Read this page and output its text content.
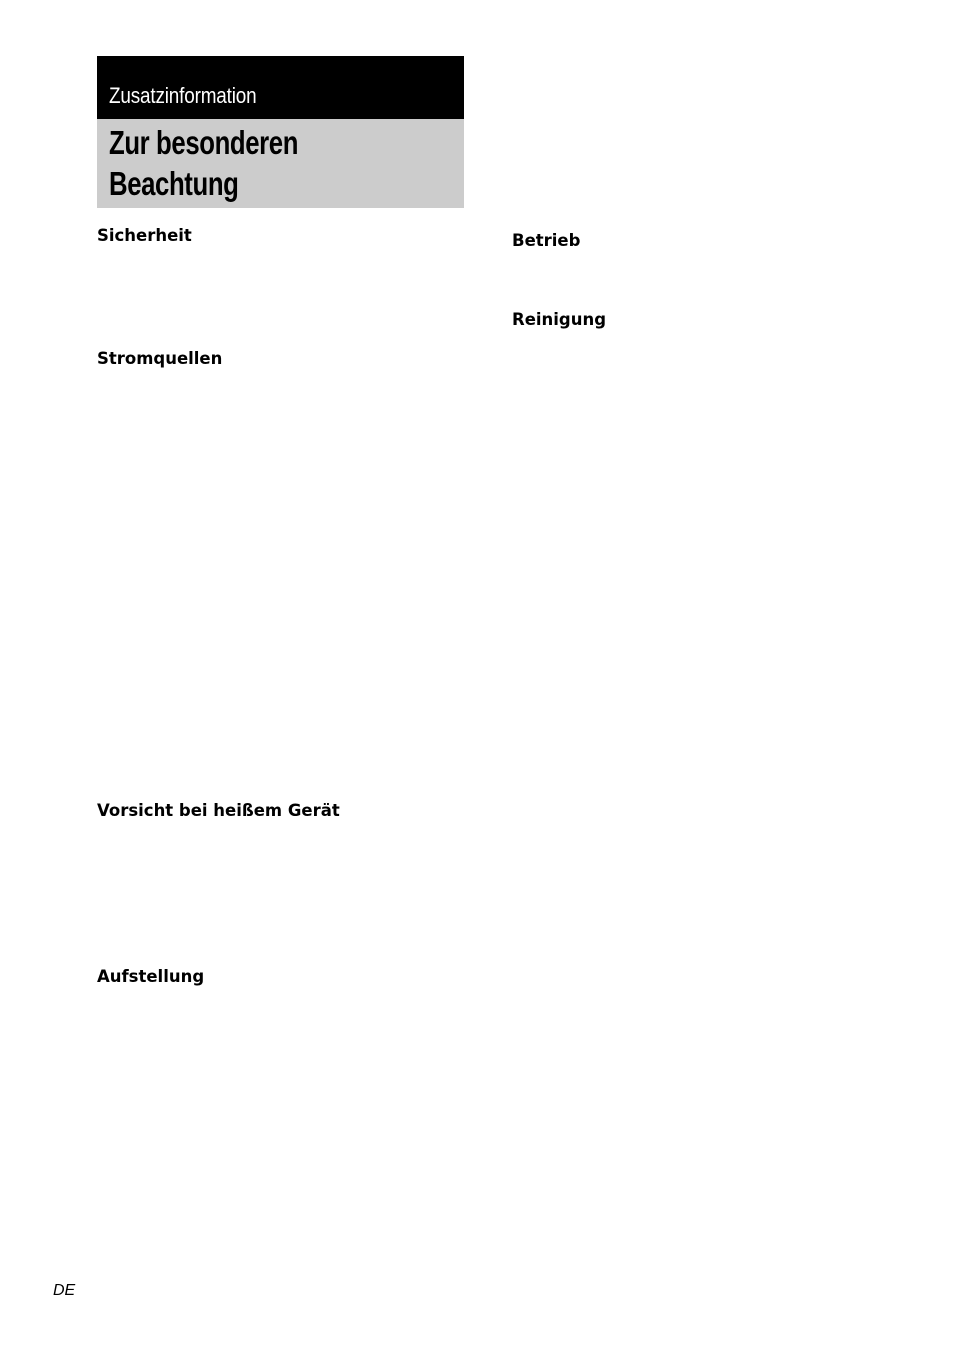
Zusatzinformation
Zur besonderen
Beachtung
Sicherheit
Stromquellen
Vorsicht bei heißem Gerät
Aufstellung
Betrieb
Reinigung
DE
